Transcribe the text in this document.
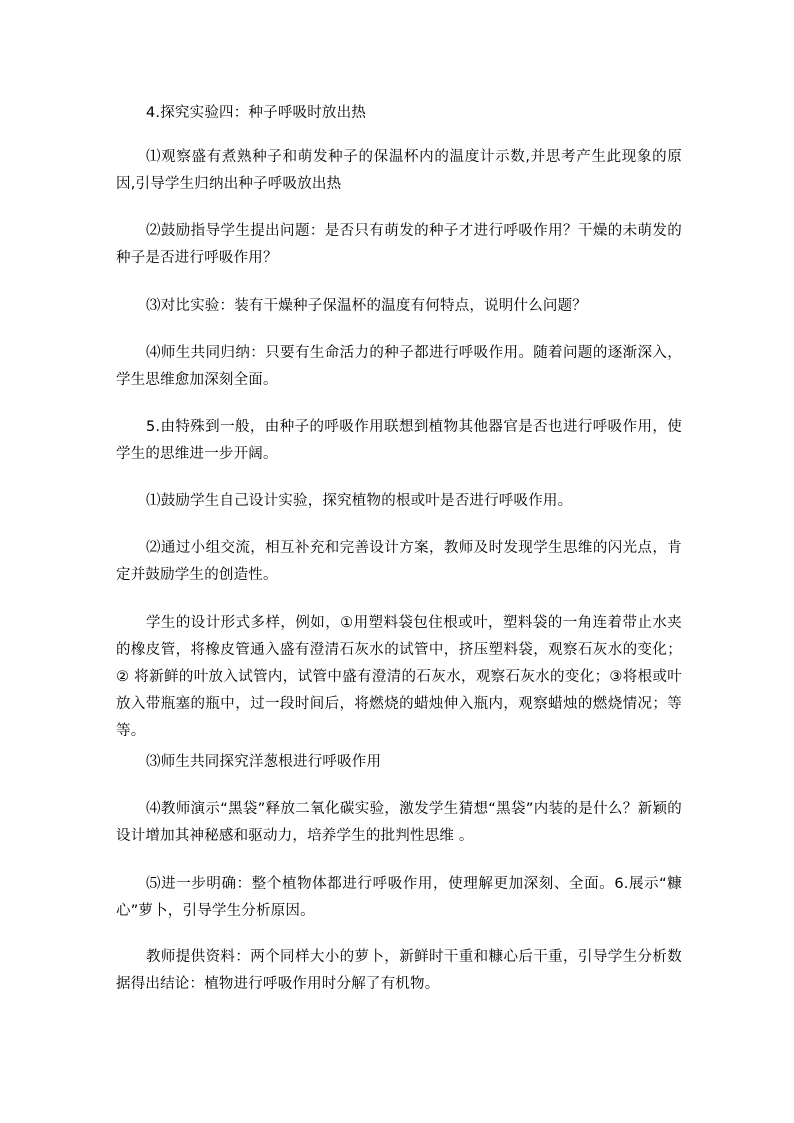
4.探究实验四：种子呼吸时放出热

⑴观察盛有煮熟种子和萌发种子的保温杯内的温度计示数,并思考产生此现象的原因,引导学生归纳出种子呼吸放出热

⑵鼓励指导学生提出问题：是否只有萌发的种子才进行呼吸作用？干燥的未萌发的种子是否进行呼吸作用？

⑶对比实验：装有干燥种子保温杯的温度有何特点，说明什么问题？

⑷师生共同归纳：只要有生命活力的种子都进行呼吸作用。随着问题的逐渐深入，学生思维愈加深刻全面。

5.由特殊到一般，由种子的呼吸作用联想到植物其他器官是否也进行呼吸作用，使学生的思维进一步开阔。

⑴鼓励学生自己设计实验，探究植物的根或叶是否进行呼吸作用。

⑵通过小组交流，相互补充和完善设计方案，教师及时发现学生思维的闪光点，肯定并鼓励学生的创造性。

学生的设计形式多样，例如，①用塑料袋包住根或叶，塑料袋的一角连着带止水夹的橡皮管，将橡皮管通入盛有澄清石灰水的试管中，挤压塑料袋，观察石灰水的变化；② 将新鲜的叶放入试管内，试管中盛有澄清的石灰水，观察石灰水的变化；③将根或叶放入带瓶塞的瓶中，过一段时间后，将燃烧的蜡烛伸入瓶内，观察蜡烛的燃烧情况；等等。

⑶师生共同探究洋葱根进行呼吸作用

⑷教师演示“黑袋”释放二氧化碳实验，激发学生猜想“黑袋”内装的是什么？新颖的设计增加其神秘感和驱动力，培养学生的批判性思维 。

⑸进一步明确：整个植物体都进行呼吸作用，使理解更加深刻、全面。6.展示“糠心”萝卜，引导学生分析原因。

教师提供资料：两个同样大小的萝卜，新鲜时干重和糠心后干重，引导学生分析数据得出结论：植物进行呼吸作用时分解了有机物。
